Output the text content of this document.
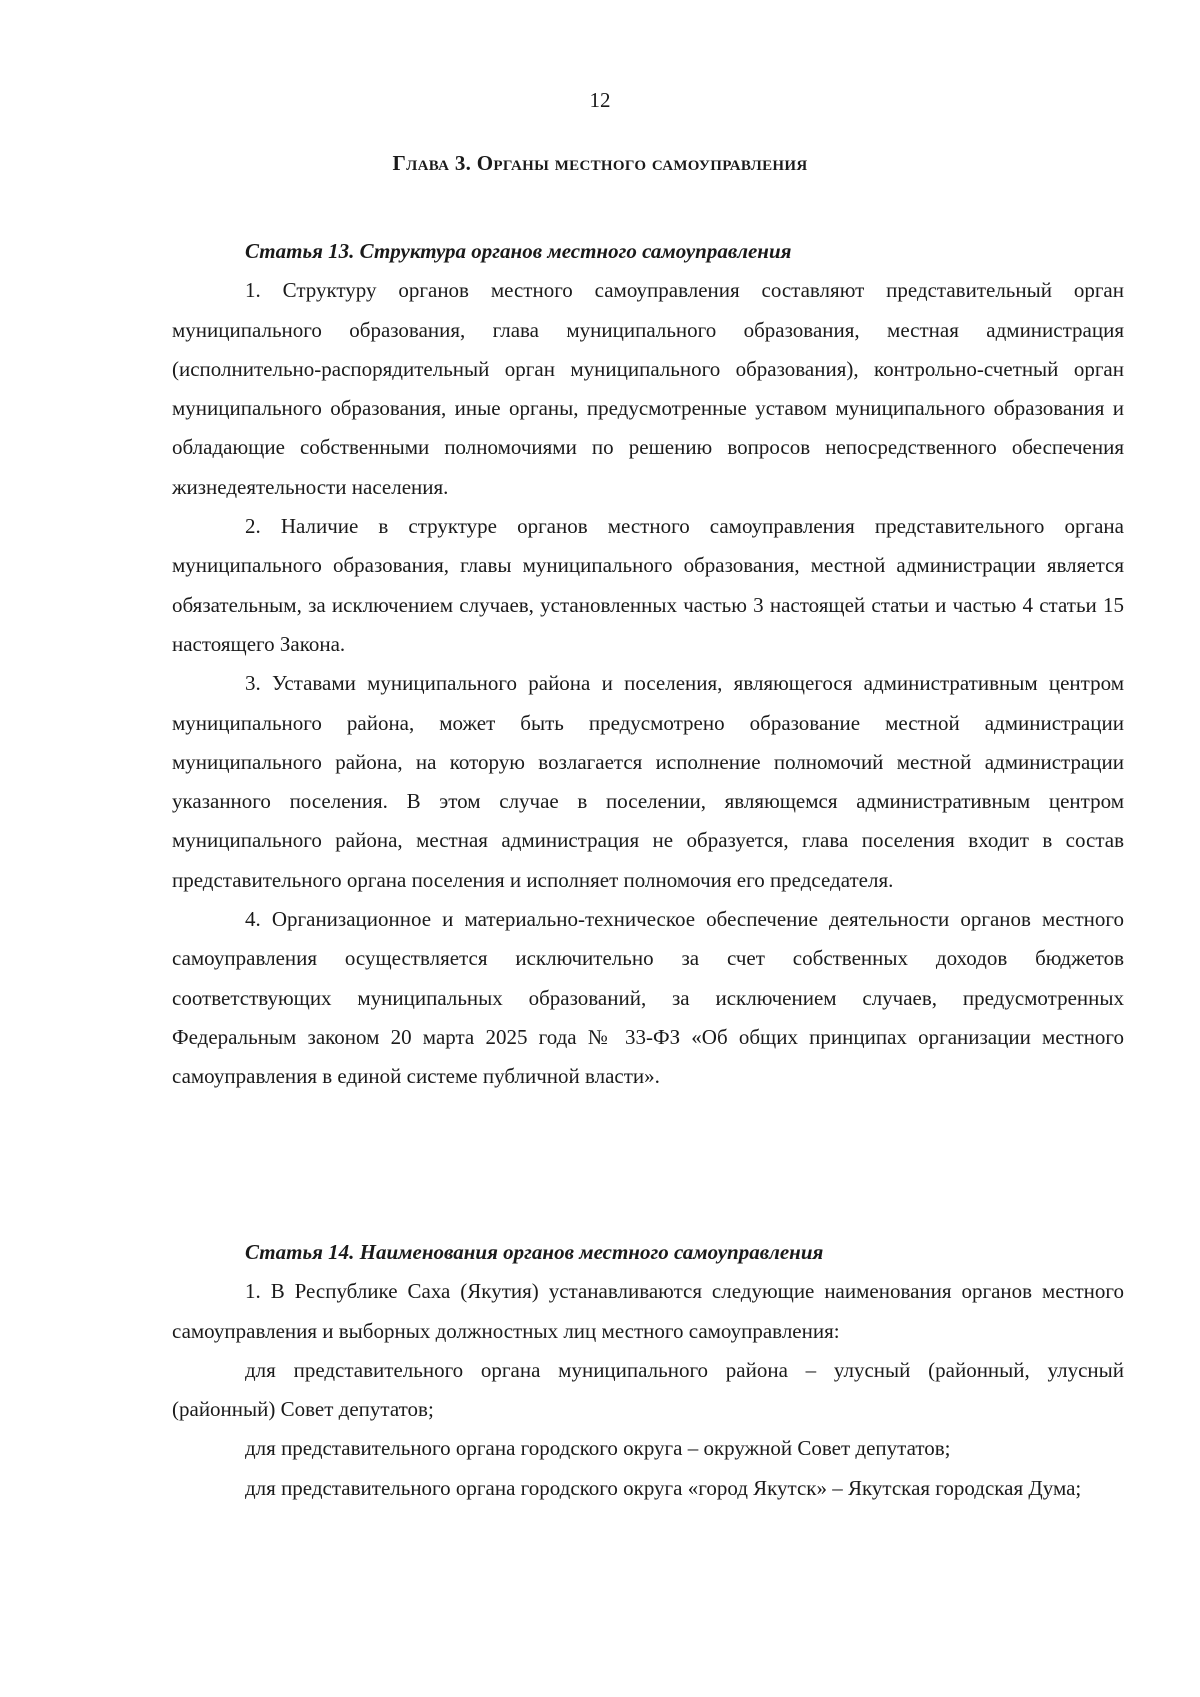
12
Глава 3. Органы местного самоуправления

Статья 13. Структура органов местного самоуправления

1. Структуру органов местного самоуправления составляют представительный орган муниципального образования, глава муниципального образования, местная администрация (исполнительно-распорядительный орган муниципального образования), контрольно-счетный орган муниципального образования, иные органы, предусмотренные уставом муниципального образования и обладающие собственными полномочиями по решению вопросов непосредственного обеспечения жизнедеятельности населения.

2. Наличие в структуре органов местного самоуправления представительного органа муниципального образования, главы муниципального образования, местной администрации является обязательным, за исключением случаев, установленных частью 3 настоящей статьи и частью 4 статьи 15 настоящего Закона.

3. Уставами муниципального района и поселения, являющегося административным центром муниципального района, может быть предусмотрено образование местной администрации муниципального района, на которую возлагается исполнение полномочий местной администрации указанного поселения. В этом случае в поселении, являющемся административным центром муниципального района, местная администрация не образуется, глава поселения входит в состав представительного органа поселения и исполняет полномочия его председателя.

4. Организационное и материально-техническое обеспечение деятельности органов местного самоуправления осуществляется исключительно за счет собственных доходов бюджетов соответствующих муниципальных образований, за исключением случаев, предусмотренных Федеральным законом 20 марта 2025 года № 33-ФЗ «Об общих принципах организации местного самоуправления в единой системе публичной власти».

Статья 14. Наименования органов местного самоуправления

1. В Республике Саха (Якутия) устанавливаются следующие наименования органов местного самоуправления и выборных должностных лиц местного самоуправления:

для представительного органа муниципального района – улусный (районный, улусный (районный) Совет депутатов;

для представительного органа городского округа – окружной Совет депутатов;

для представительного органа городского округа «город Якутск» – Якутская городская Дума;
